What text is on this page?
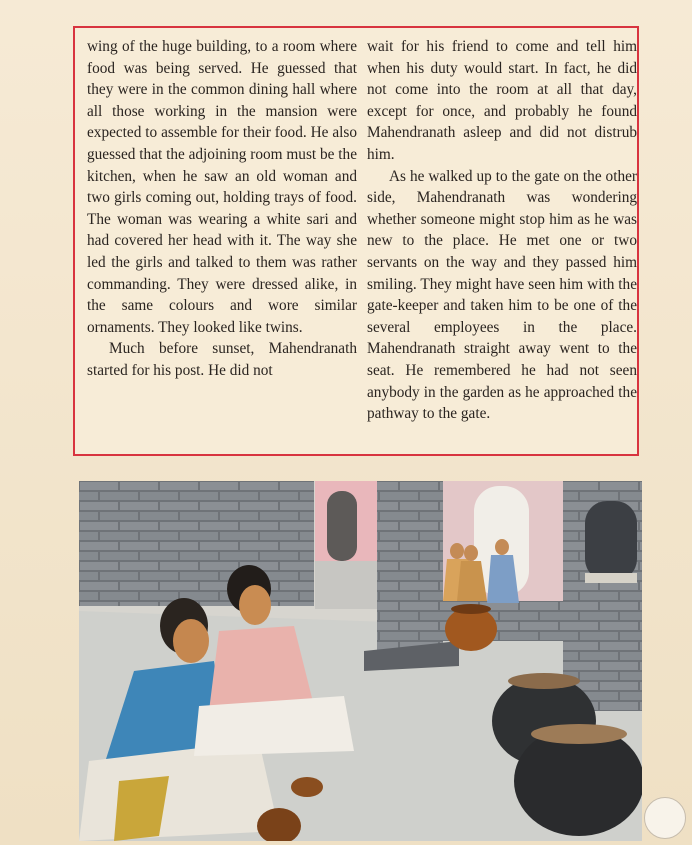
wing of the huge building, to a room where food was being served. He guessed that they were in the common dining hall where all those working in the mansion were expected to assemble for their food. He also guessed that the adjoining room must be the kitchen, when he saw an old woman and two girls coming out, holding trays of food. The woman was wearing a white sari and had covered her head with it. The way she led the girls and talked to them was rather commanding. They were dressed alike, in the same colours and wore similar ornaments. They looked like twins.

Much before sunset, Mahendranath started for his post. He did not

wait for his friend to come and tell him when his duty would start. In fact, he did not come into the room at all that day, except for once, and probably he found Mahendranath asleep and did not distrub him.

As he walked up to the gate on the other side, Mahendranath was wondering whether someone might stop him as he was new to the place. He met one or two servants on the way and they passed him smiling. They might have seen him with the gate-keeper and taken him to be one of the several employees in the place. Mahendranath straight away went to the seat. He remembered he had not seen anybody in the garden as he approached the pathway to the gate.
